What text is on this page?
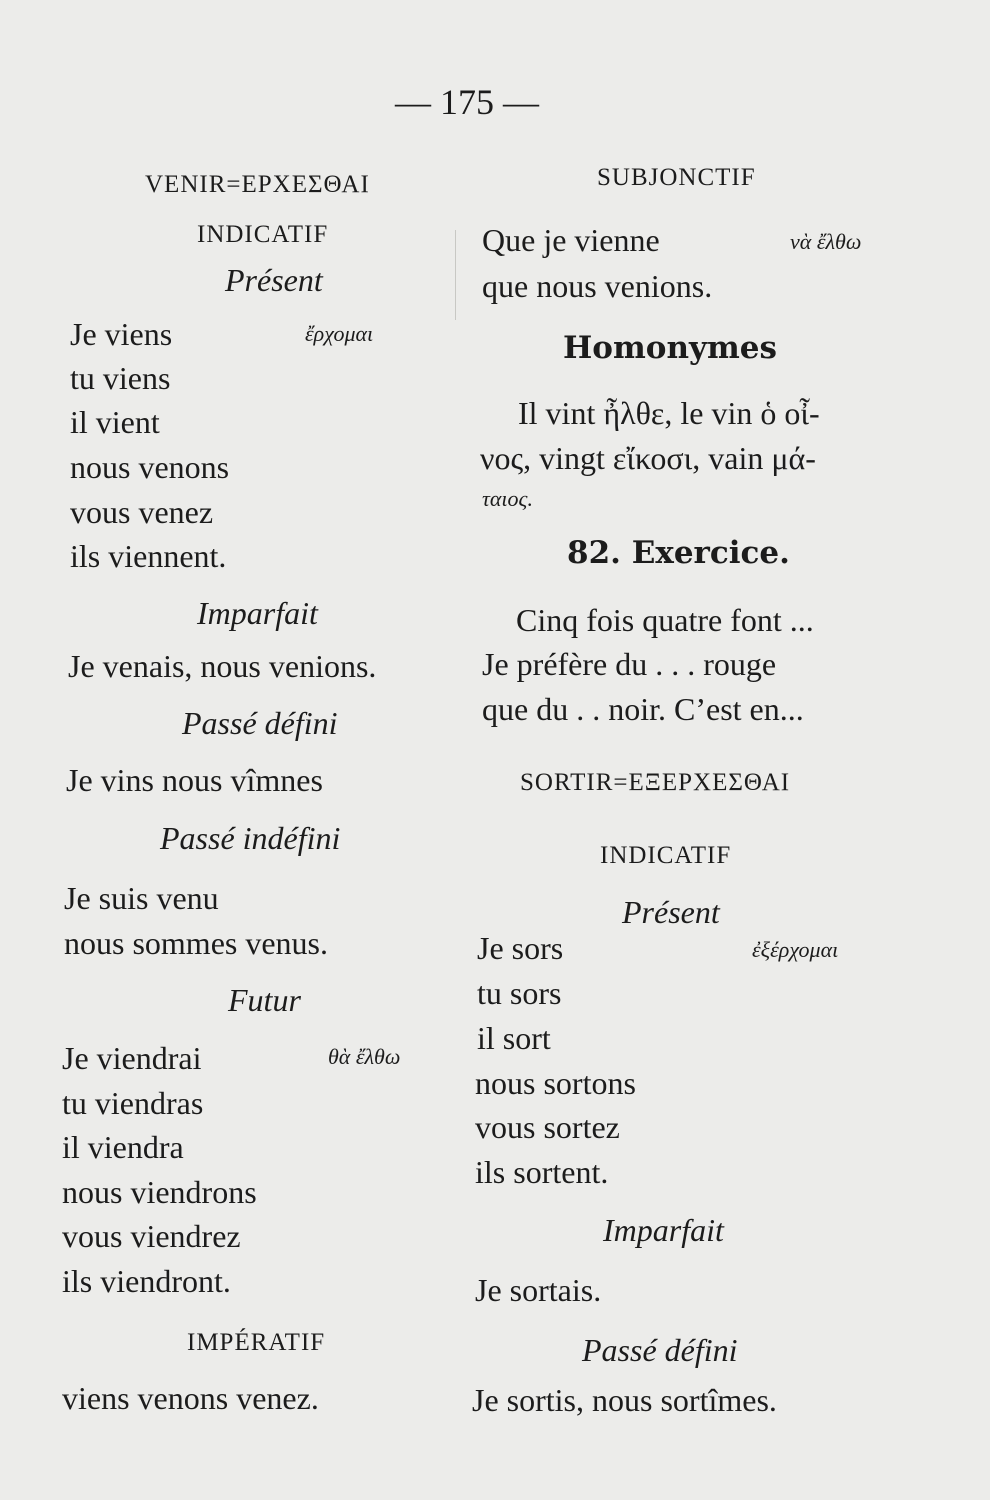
— 175 —
VENIR=EPXEΣΘΑΙ
INDICATIF
Présent
Je viens	ἔρχομαι
tu viens
il vient
nous venons
vous venez
ils viennent.
Imparfait
Je venais, nous venions.
Passé défini
Je vins nous vîmnes
Passé indéfini
Je suis venu
nous sommes venus.
Futur
Je viendrai	θὰ ἔλθω
tu viendras
il viendra
nous viendrons
vous viendrez
ils viendront.
IMPÉRATIF
viens venons venez.
SUBJONCTIF
Que je vienne	νὰ ἔλθω
que nous venions.
Homonymes
Il vint ἦλθε, le vin ὁ οἶ-
νος, vingt εἴκοσι, vain μά-
ταιος.
82. Exercice.
Cinq fois quatre font ...
Je préfère du . . . rouge
que du . . noir. C’est en...
SORTIR=ΕΞΕΡΧΕΣΘΑΙ
INDICATIF
Présent
Je sors	ἐξέρχομαι
tu sors
il sort
nous sortons
vous sortez
ils sortent.
Imparfait
Je sortais.
Passé défini
Je sortis, nous sortîmes.
